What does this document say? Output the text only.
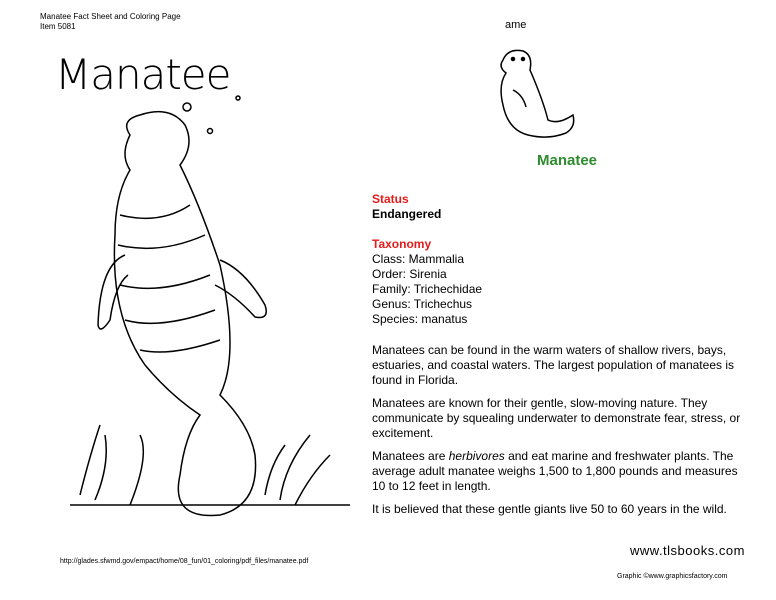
Manatee Fact Sheet and Coloring Page
Item 5081	ame
Manatee
Manatee
Status
Endangered
Taxonomy
Class: Mammalia
Order: Sirenia
Family: Trichechidae
Genus: Trichechus
Species: manatus

Manatees can be found in the warm waters of shallow rivers, bays, estuaries, and coastal waters. The largest population of manatees is found in Florida.

Manatees are known for their gentle, slow-moving nature. They communicate by squealing underwater to demonstrate fear, stress, or excitement.

Manatees are herbivores and eat marine and freshwater plants. The average adult manatee weighs 1,500 to 1,800 pounds and measures 10 to 12 feet in length.

It is believed that these gentle giants live 50 to 60 years in the wild.

www.tlsbooks.com
http://glades.sfwmd.gov/empact/home/08_fun/01_coloring/pdf_files/manatee.pdf
Graphic ©www.graphicsfactory.com
